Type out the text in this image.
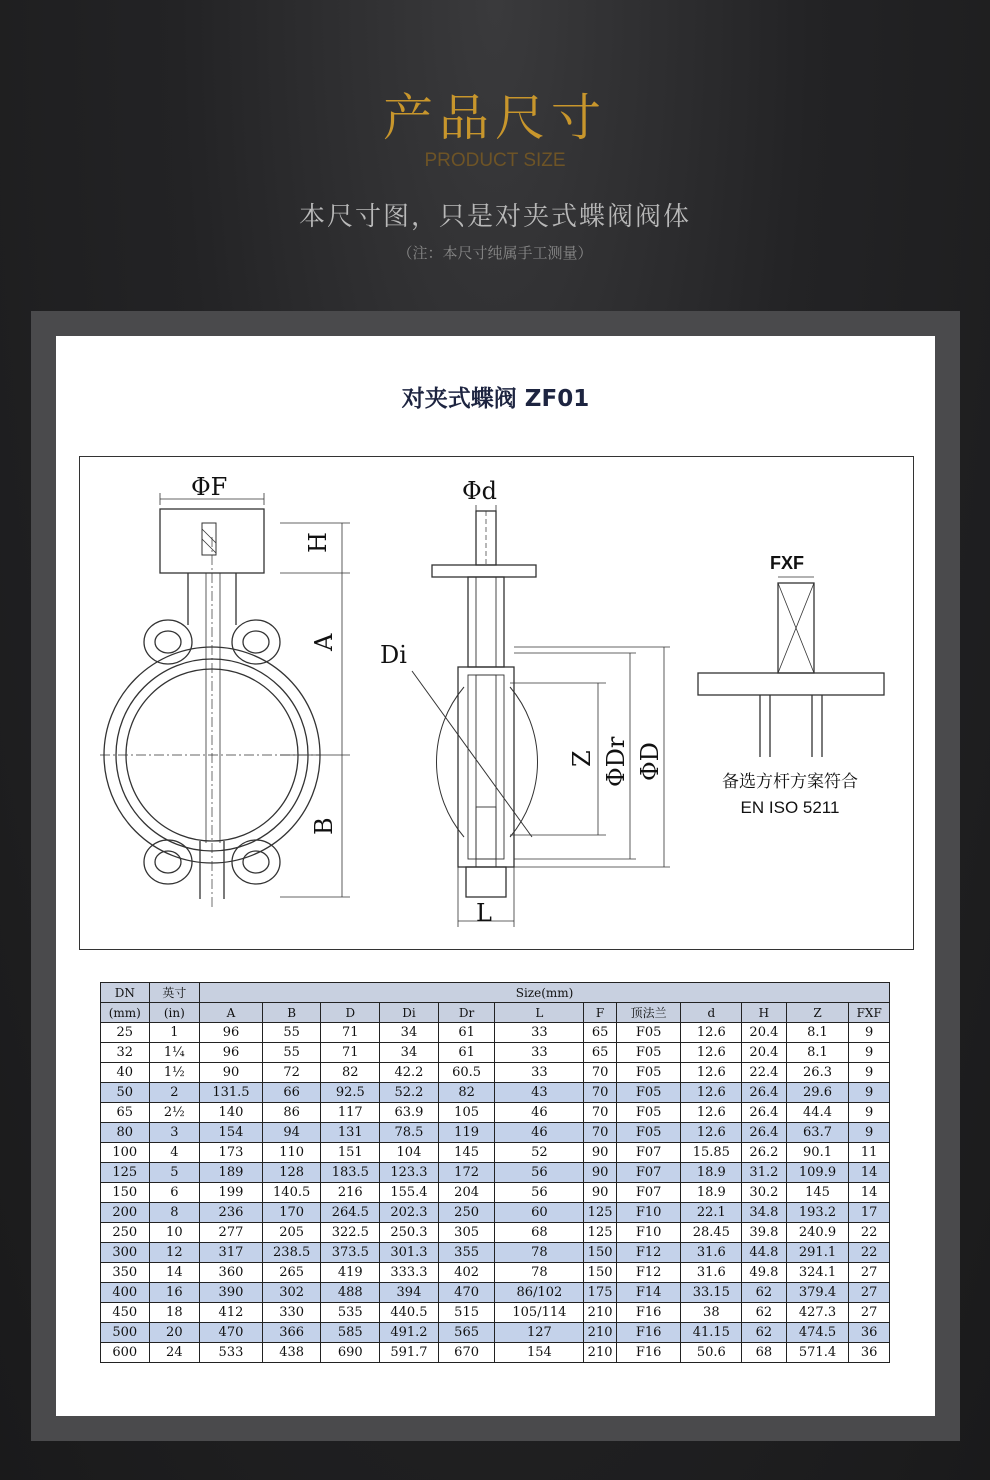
产品尺寸
PRODUCT SIZE
本尺寸图，只是对夹式蝶阀阀体
（注：本尺寸纯属手工测量）
对夹式蝶阀 ZF01
ΦF
H
A
B
Φd
Di
Z ΦDr ΦD
L
FXF
备选方杆方案符合
EN ISO 5211
DN	英寸	Size(mm)											
(mm)	(in)	A	B	D	Di	Dr	L	F	顶法兰	d	H	Z	FXF
25	1	96	55	71	34	61	33	65	F05	12.6	20.4	8.1	9
32	1¼	96	55	71	34	61	33	65	F05	12.6	20.4	8.1	9
40	1½	90	72	82	42.2	60.5	33	70	F05	12.6	22.4	26.3	9
50	2	131.5	66	92.5	52.2	82	43	70	F05	12.6	26.4	29.6	9
65	2½	140	86	117	63.9	105	46	70	F05	12.6	26.4	44.4	9
80	3	154	94	131	78.5	119	46	70	F05	12.6	26.4	63.7	9
100	4	173	110	151	104	145	52	90	F07	15.85	26.2	90.1	11
125	5	189	128	183.5	123.3	172	56	90	F07	18.9	31.2	109.9	14
150	6	199	140.5	216	155.4	204	56	90	F07	18.9	30.2	145	14
200	8	236	170	264.5	202.3	250	60	125	F10	22.1	34.8	193.2	17
250	10	277	205	322.5	250.3	305	68	125	F10	28.45	39.8	240.9	22
300	12	317	238.5	373.5	301.3	355	78	150	F12	31.6	44.8	291.1	22
350	14	360	265	419	333.3	402	78	150	F12	31.6	49.8	324.1	27
400	16	390	302	488	394	470	86/102	175	F14	33.15	62	379.4	27
450	18	412	330	535	440.5	515	105/114	210	F16	38	62	427.3	27
500	20	470	366	585	491.2	565	127	210	F16	41.15	62	474.5	36
600	24	533	438	690	591.7	670	154	210	F16	50.6	68	571.4	36
